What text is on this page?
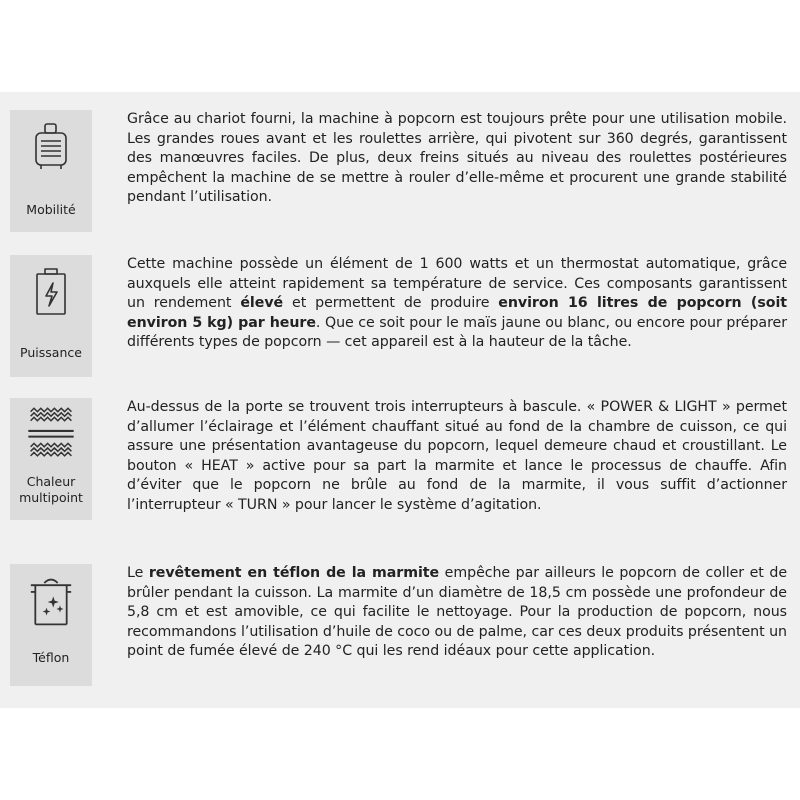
Mobilité

Grâce au chariot fourni, la machine à popcorn est toujours prête pour une utilisation mobile. Les grandes roues avant et les roulettes arrière, qui pivotent sur 360 degrés, garantissent des manœuvres faciles. De plus, deux freins situés au niveau des roulettes postérieures empêchent la machine de se mettre à rouler d’elle-même et procurent une grande stabilité pendant l’utilisation.

Puissance

Cette machine possède un élément de 1 600 watts et un thermostat automatique, grâce auxquels elle atteint rapidement sa température de service. Ces composants garantissent un rendement élevé et permettent de produire environ 16 litres de popcorn (soit environ 5 kg) par heure. Que ce soit pour le maïs jaune ou blanc, ou encore pour préparer différents types de popcorn — cet appareil est à la hauteur de la tâche.

Chaleur
multipoint

Au-dessus de la porte se trouvent trois interrupteurs à bascule. « POWER & LIGHT » permet d’allumer l’éclairage et l’élément chauffant situé au fond de la chambre de cuisson, ce qui assure une présentation avantageuse du popcorn, lequel demeure chaud et croustillant. Le bouton « HEAT » active pour sa part la marmite et lance le processus de chauffe. Afin d’éviter que le popcorn ne brûle au fond de la marmite, il vous suffit d’actionner l’interrupteur « TURN » pour lancer le système d’agitation.

Téflon

Le revêtement en téflon de la marmite empêche par ailleurs le popcorn de coller et de brûler pendant la cuisson. La marmite d’un diamètre de 18,5 cm possède une profondeur de 5,8 cm et est amovible, ce qui facilite le nettoyage. Pour la production de popcorn, nous recommandons l’utilisation d’huile de coco ou de palme, car ces deux produits présentent un point de fumée élevé de 240 °C qui les rend idéaux pour cette application.
